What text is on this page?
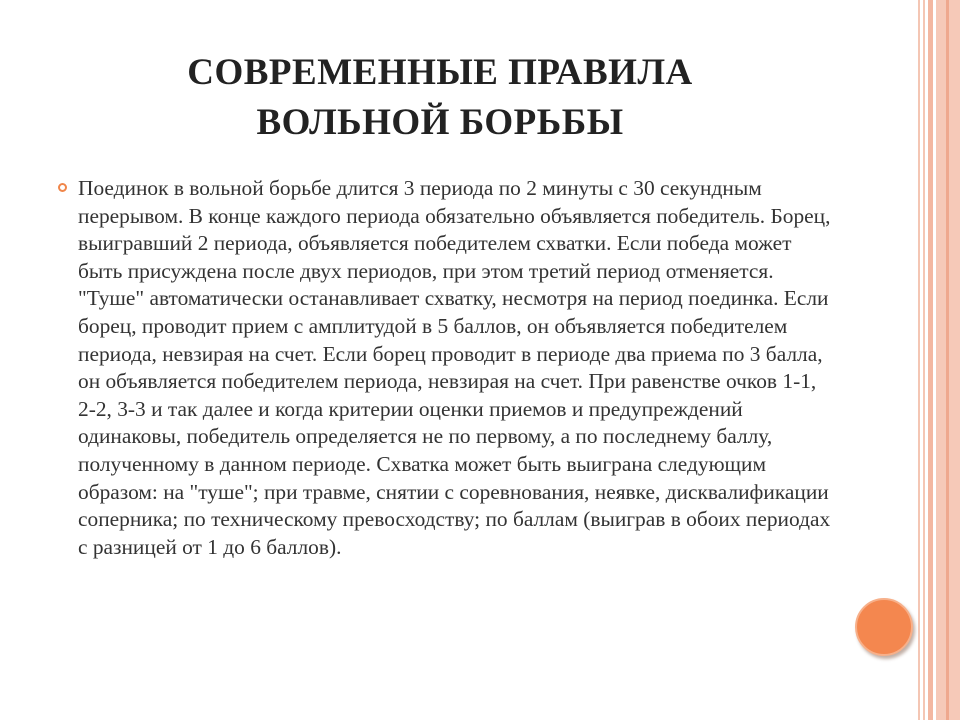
СОВРЕМЕННЫЕ ПРАВИЛА ВОЛЬНОЙ БОРЬБЫ
Поединок в вольной борьбе длится 3 периода по 2 минуты с 30 секундным перерывом. В конце каждого периода обязательно объявляется победитель. Борец, выигравший 2 периода, объявляется победителем схватки. Если победа может быть присуждена после двух периодов, при этом третий период отменяется. "Туше" автоматически останавливает схватку, несмотря на период поединка. Если борец, проводит прием с амплитудой в 5 баллов, он объявляется победителем периода, невзирая на счет. Если борец проводит в периоде два приема по 3 балла, он объявляется победителем периода, невзирая на счет. При равенстве очков 1-1, 2-2, 3-3 и так далее и когда критерии оценки приемов и предупреждений одинаковы, победитель определяется не по первому, а по последнему баллу, полученному в данном периоде. Схватка может быть выиграна следующим образом: на "туше"; при травме, снятии с соревнования, неявке, дисквалификации соперника; по техническому превосходству; по баллам (выиграв в обоих периодах с разницей от 1 до 6 баллов).
